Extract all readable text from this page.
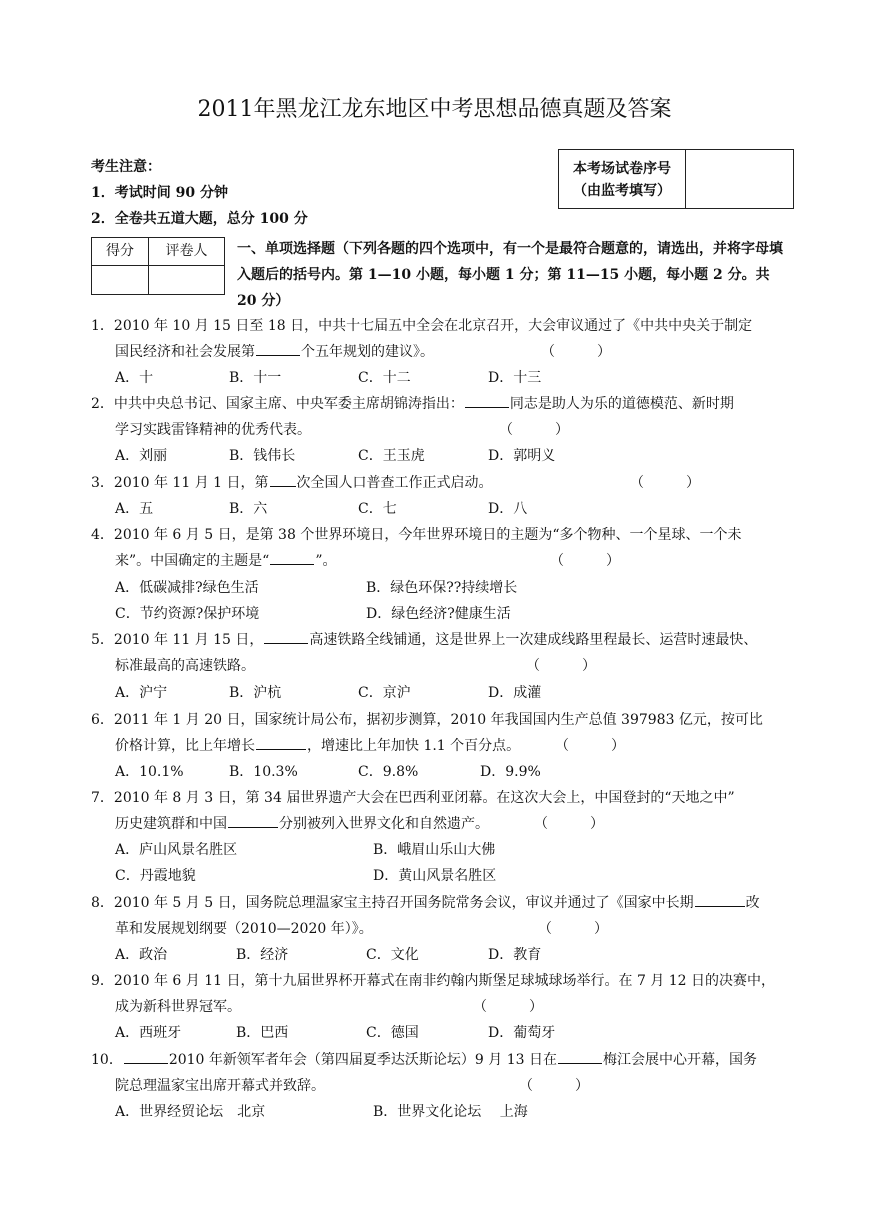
2011年黑龙江龙东地区中考思想品德真题及答案
考生注意：
1．考试时间 90 分钟
2．全卷共五道大题，总分 100 分
本考场试卷序号
（由监考填写）
得分	评卷人	一、单项选择题（下列各题的四个选项中，有一个是最符合题意的，请选出，并将字母填入题后的括号内。第 1—10 小题，每小题 1 分；第 11—15 小题，每小题 2 分。共 20 分）
1．2010 年 10 月 15 日至 18 日，中共十七届五中全会在北京召开，大会审议通过了《中共中央关于制定
国民经济和社会发展第	个五年规划的建议》。	（　　　）
A．十	B．十一	C．十二	D．十三
2．中共中央总书记、国家主席、中央军委主席胡锦涛指出：	同志是助人为乐的道德模范、新时期
学习实践雷锋精神的优秀代表。	（　　　）
A．刘丽	B．钱伟长	C．王玉虎	D．郭明义
3．2010 年 11 月 1 日，第 次全国人口普查工作正式启动。	（　　　）
A．五	B．六	C．七	D．八
4．2010 年 6 月 5 日，是第 38 个世界环境日，今年世界环境日的主题为“多个物种、一个星球、一个未
来”。中国确定的主题是“	”。	（　　　）
A．低碳减排?绿色生活	B．绿色环保??持续增长
C．节约资源?保护环境	D．绿色经济?健康生活
5．2010 年 11 月 15 日，	高速铁路全线铺通，这是世界上一次建成线路里程最长、运营时速最快、
标准最高的高速铁路。	（　　　）
A．沪宁	B．沪杭	C．京沪	D．成灌
6．2011 年 1 月 20 日，国家统计局公布，据初步测算，2010 年我国国内生产总值 397983 亿元，按可比
价格计算，比上年增长	，增速比上年加快 1.1 个百分点。 （　　　）
A．10.1%	B．10.3%	C．9.8%	D．9.9%
7．2010 年 8 月 3 日，第 34 届世界遗产大会在巴西利亚闭幕。在这次大会上，中国登封的“天地之中”
历史建筑群和中国	分别被列入世界文化和自然遗产。	（　　　）
A．庐山风景名胜区	B．峨眉山乐山大佛
C．丹霞地貌	D．黄山风景名胜区
8．2010 年 5 月 5 日，国务院总理温家宝主持召开国务院常务会议，审议并通过了《国家中长期	改
革和发展规划纲要（2010—2020 年）》。	（　　　）
A．政治	B．经济	C．文化	D．教育
9．2010 年 6 月 11 日，第十九届世界杯开幕式在南非约翰内斯堡足球城球场举行。在 7 月 12 日的决赛中，
成为新科世界冠军。	（　　　）
A．西班牙	B．巴西	C．德国	D．葡萄牙
10．	2010 年新领军者年会（第四届夏季达沃斯论坛）9 月 13 日在	梅江会展中心开幕，国务
院总理温家宝出席开幕式并致辞。	（　　　）
A．世界经贸论坛　北京	B．世界文化论坛　 上海
